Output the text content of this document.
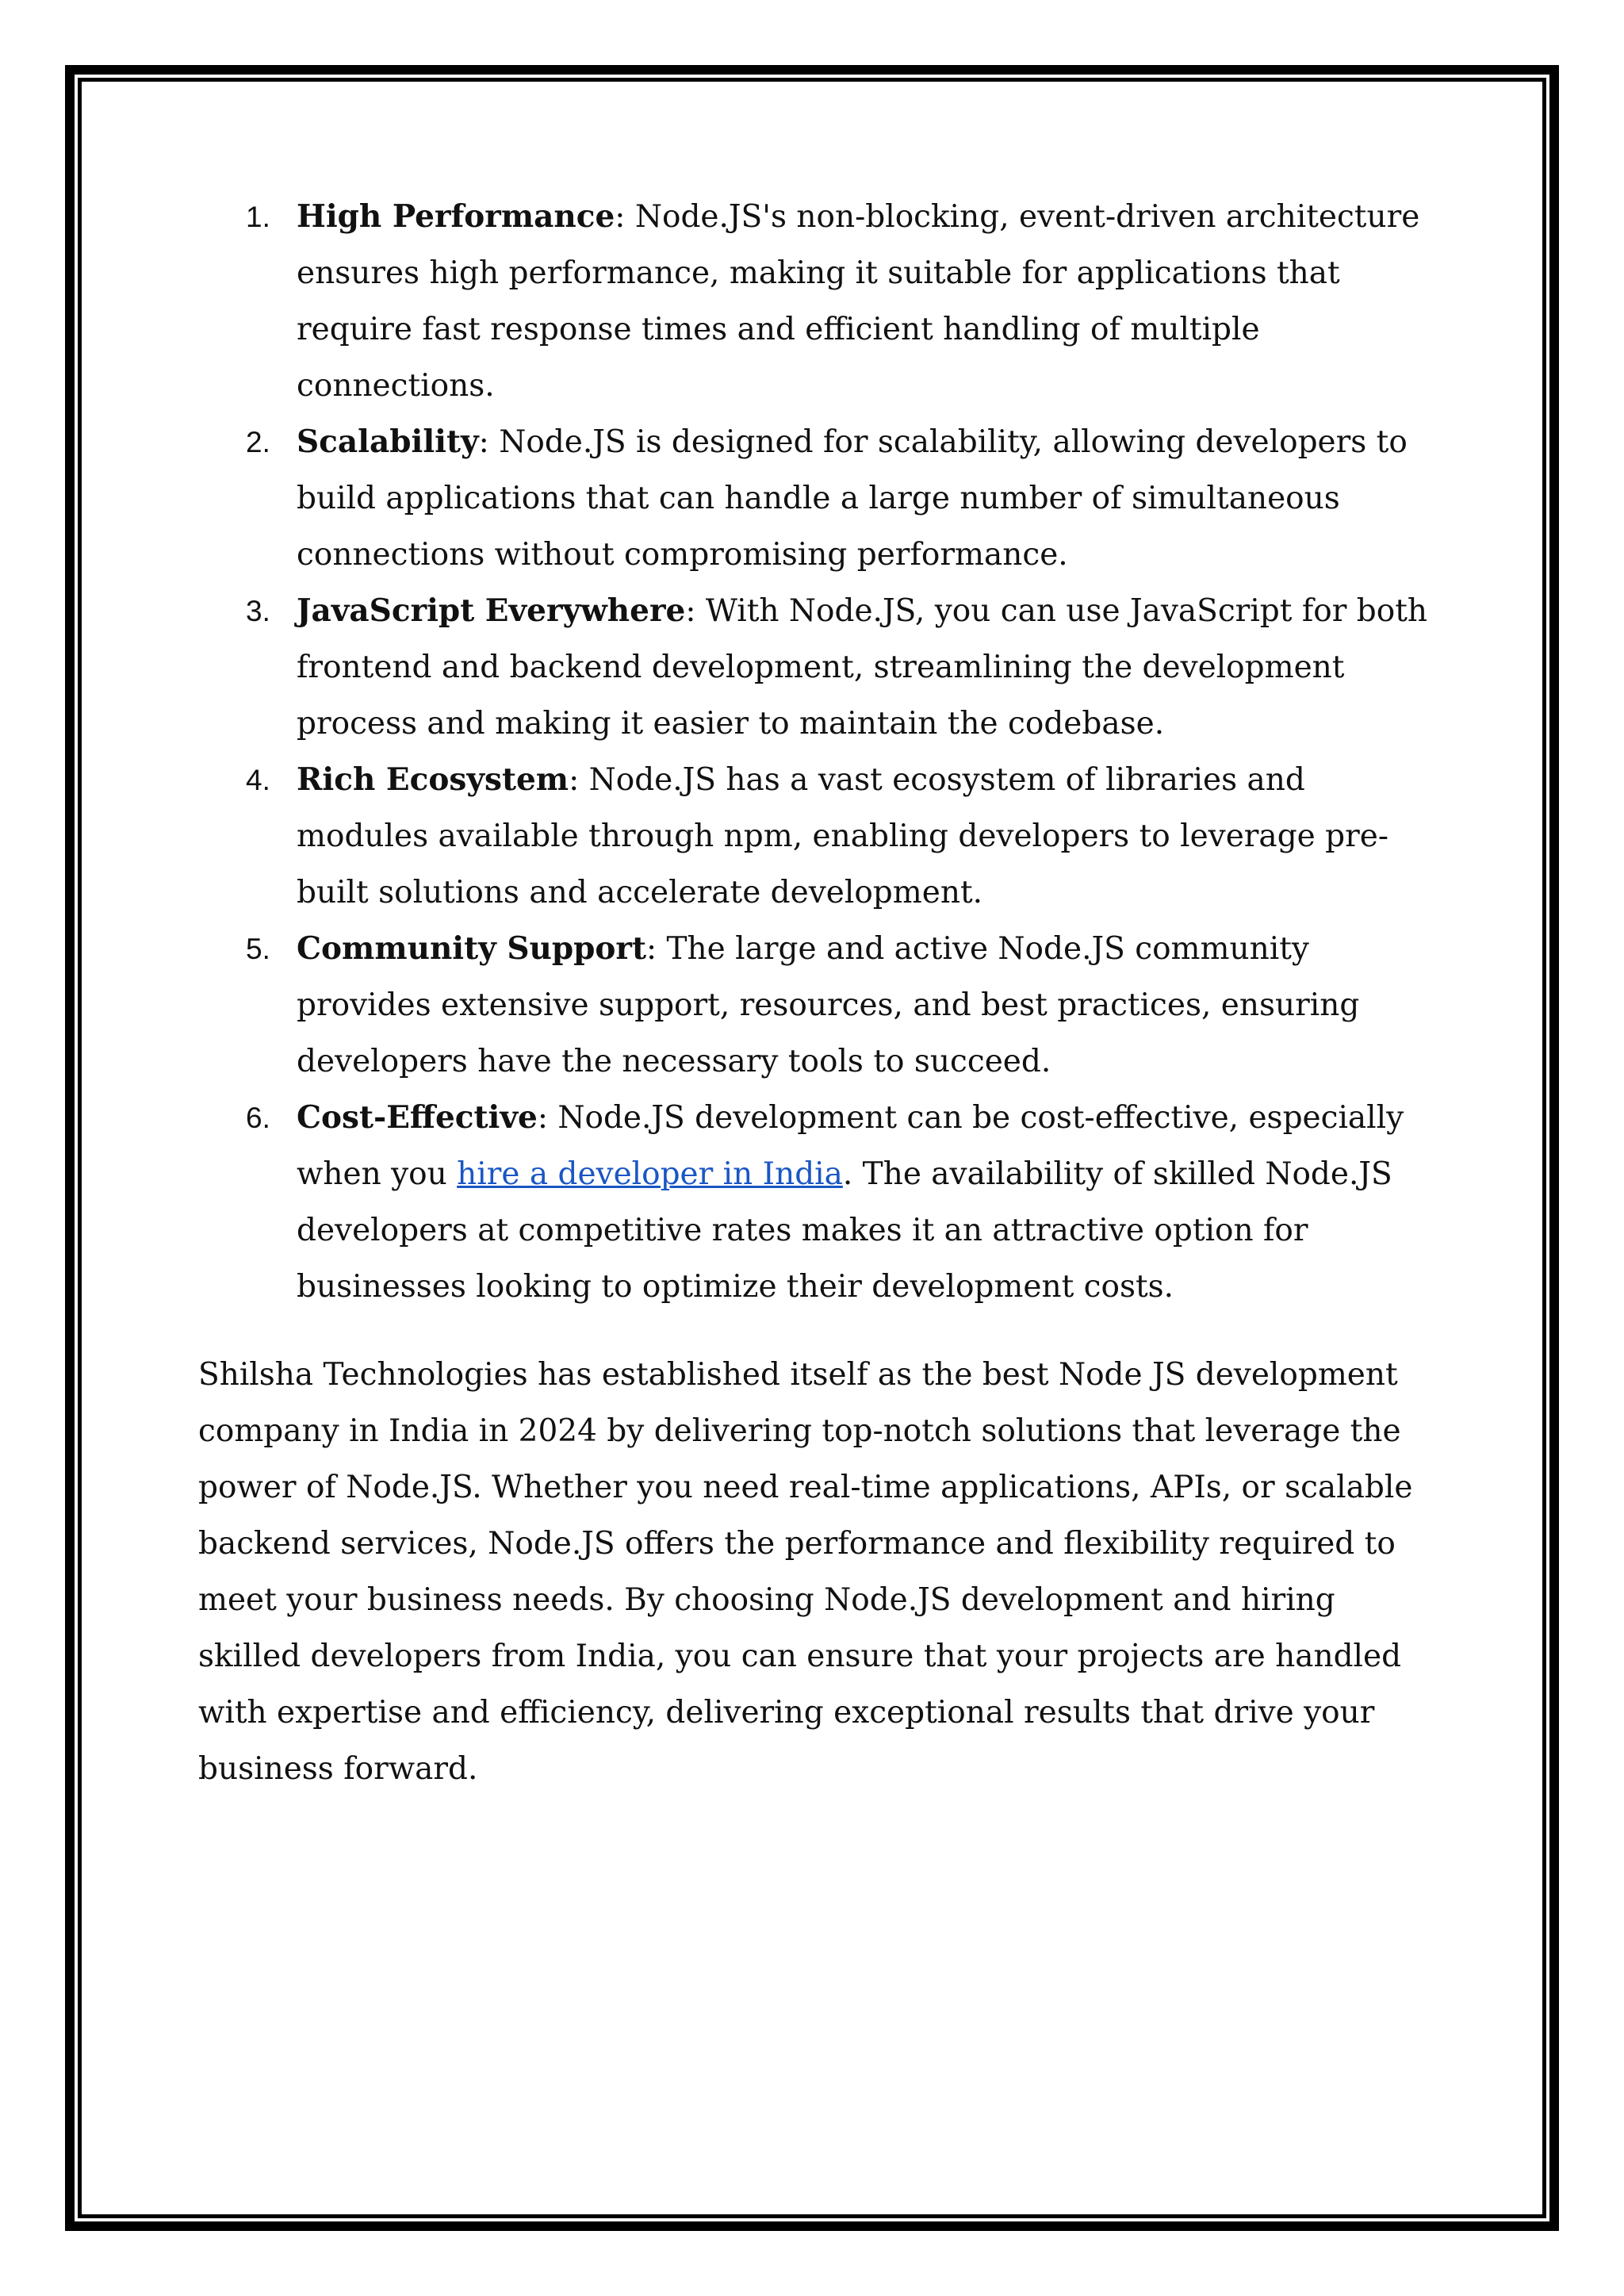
1. High Performance: Node.JS's non-blocking, event-driven architecture ensures high performance, making it suitable for applications that require fast response times and efficient handling of multiple connections.
2. Scalability: Node.JS is designed for scalability, allowing developers to build applications that can handle a large number of simultaneous connections without compromising performance.
3. JavaScript Everywhere: With Node.JS, you can use JavaScript for both frontend and backend development, streamlining the development process and making it easier to maintain the codebase.
4. Rich Ecosystem: Node.JS has a vast ecosystem of libraries and modules available through npm, enabling developers to leverage pre-built solutions and accelerate development.
5. Community Support: The large and active Node.JS community provides extensive support, resources, and best practices, ensuring developers have the necessary tools to succeed.
6. Cost-Effective: Node.JS development can be cost-effective, especially when you hire a developer in India. The availability of skilled Node.JS developers at competitive rates makes it an attractive option for businesses looking to optimize their development costs.

Shilsha Technologies has established itself as the best Node JS development company in India in 2024 by delivering top-notch solutions that leverage the power of Node.JS. Whether you need real-time applications, APIs, or scalable backend services, Node.JS offers the performance and flexibility required to meet your business needs. By choosing Node.JS development and hiring skilled developers from India, you can ensure that your projects are handled with expertise and efficiency, delivering exceptional results that drive your business forward.
